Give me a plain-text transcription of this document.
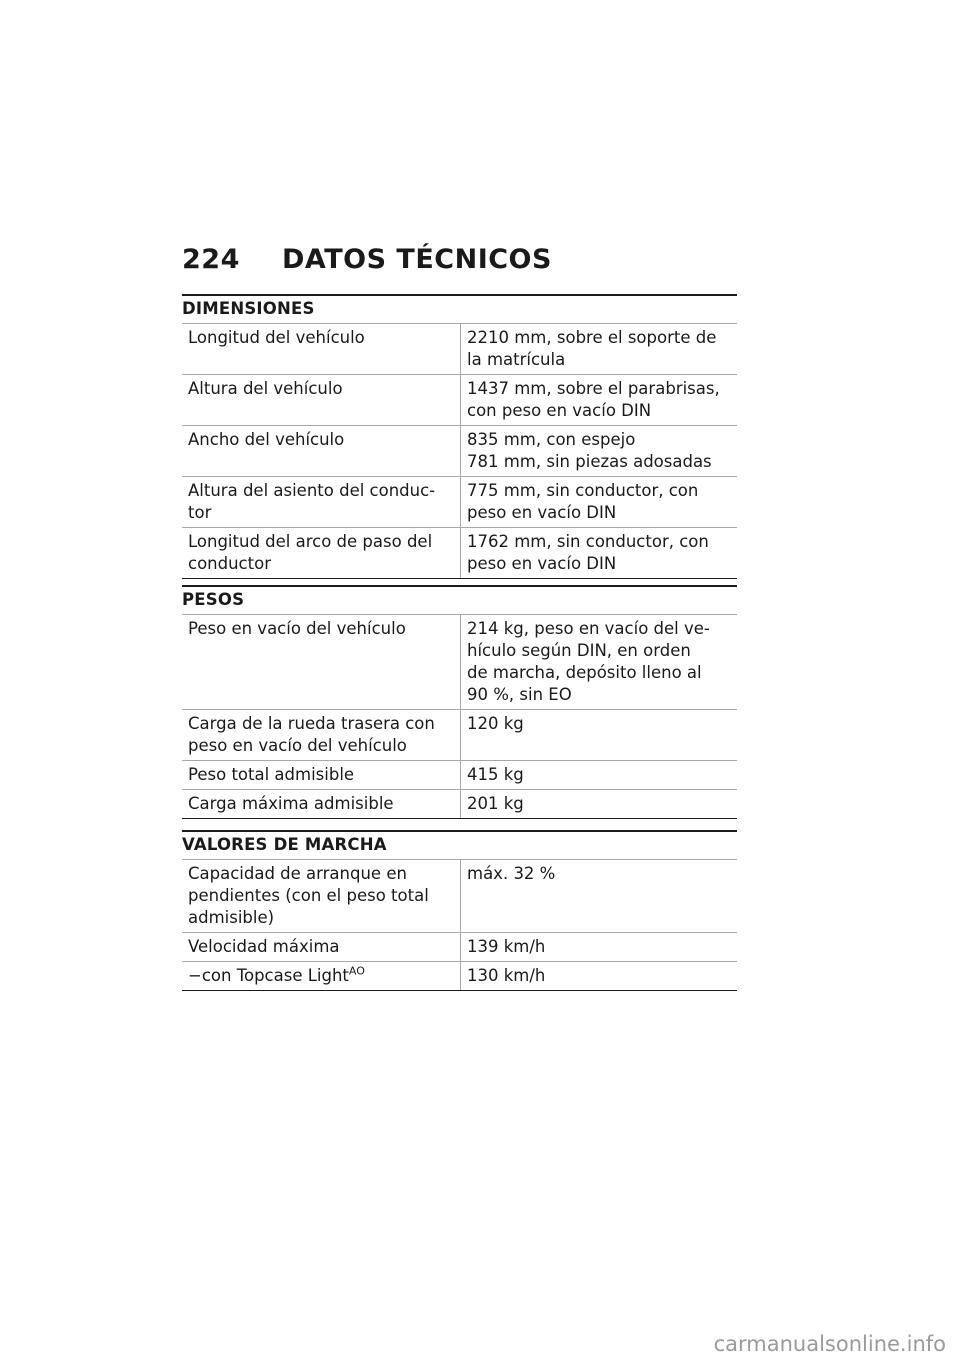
224 DATOS TÉCNICOS
DIMENSIONES
Longitud del vehículo	2210 mm, sobre el soporte de
la matrícula
Altura del vehículo	1437 mm, sobre el parabrisas,
con peso en vacío DIN
Ancho del vehículo	835 mm, con espejo
781 mm, sin piezas adosadas
Altura del asiento del conduc-
tor	775 mm, sin conductor, con
peso en vacío DIN
Longitud del arco de paso del
conductor	1762 mm, sin conductor, con
peso en vacío DIN
PESOS
Peso en vacío del vehículo	214 kg, peso en vacío del ve-
hículo según DIN, en orden
de marcha, depósito lleno al
90 %, sin EO
Carga de la rueda trasera con
peso en vacío del vehículo	120 kg
Peso total admisible	415 kg
Carga máxima admisible	201 kg
VALORES DE MARCHA
Capacidad de arranque en
pendientes (con el peso total
admisible)	máx. 32 %
Velocidad máxima	139 km/h
−con Topcase Light$^{AO}$	130 km/h
carmanualsonline.info
